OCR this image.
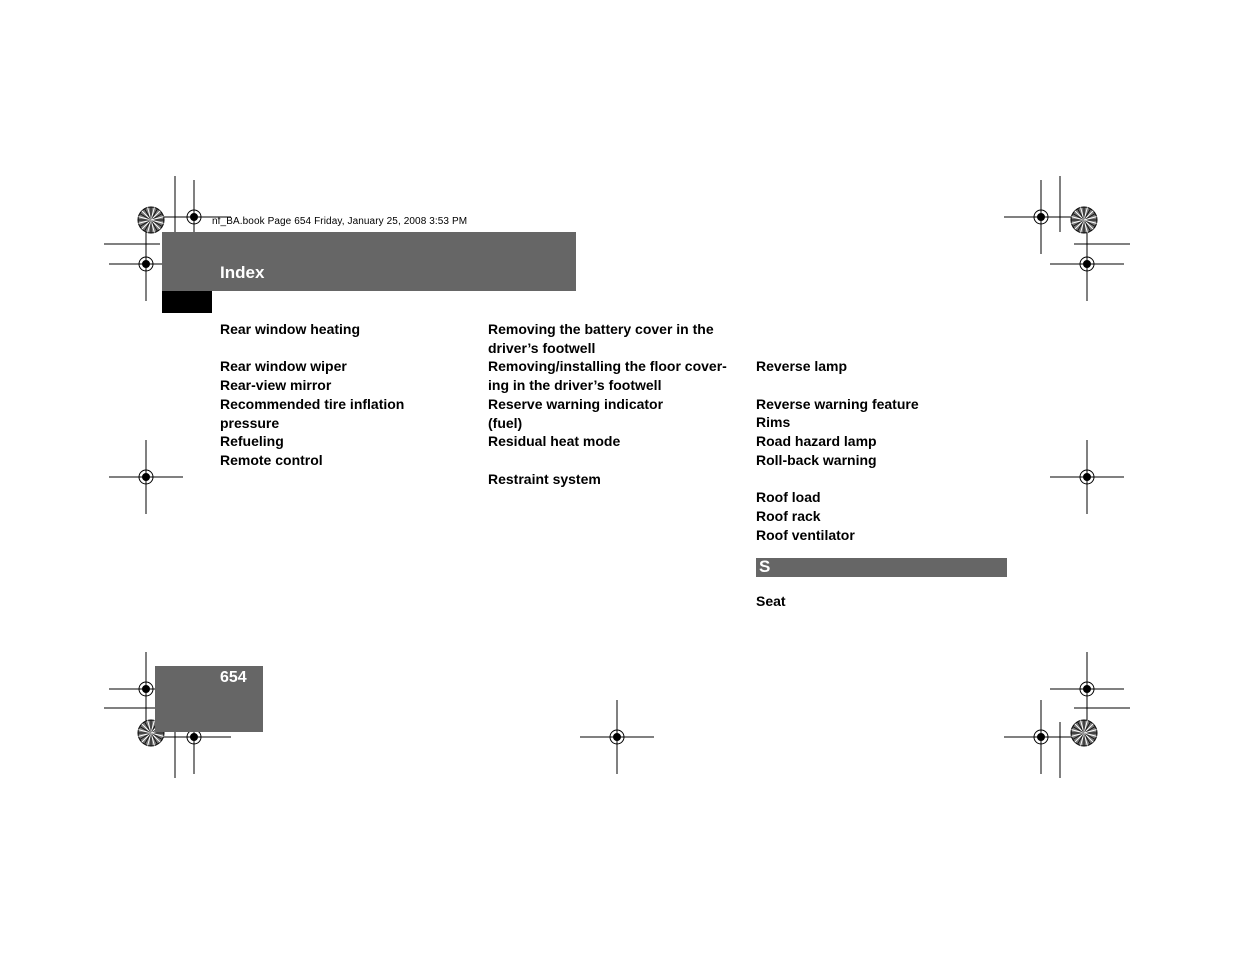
nf_BA.book Page 654 Friday, January 25, 2008 3:53 PM
Index
Rear window heating
Rear window wiper
Rear-view mirror
Recommended tire inflation
pressure
Refueling
Remote control
Removing the battery cover in the
driver’s footwell
Removing/installing the floor cover-
ing in the driver’s footwell
Reserve warning indicator
(fuel)
Residual heat mode
Restraint system
Reverse lamp
Reverse warning feature
Rims
Road hazard lamp
Roll-back warning
Roof load
Roof rack
Roof ventilator
S
Seat
654
